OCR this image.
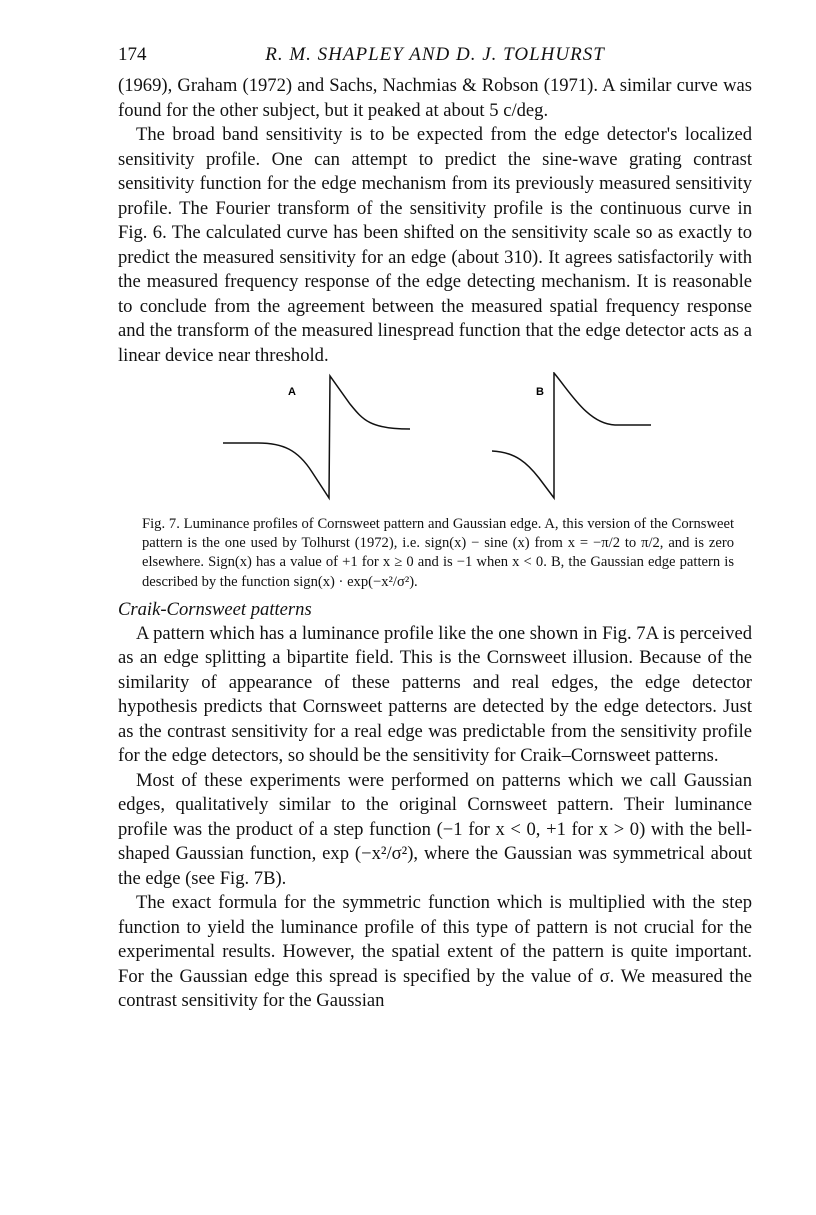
174	R. M. SHAPLEY AND D. J. TOLHURST

(1969), Graham (1972) and Sachs, Nachmias & Robson (1971). A similar curve was found for the other subject, but it peaked at about 5 c/deg.

The broad band sensitivity is to be expected from the edge detector's localized sensitivity profile. One can attempt to predict the sine-wave grating contrast sensitivity function for the edge mechanism from its previously measured sensitivity profile. The Fourier transform of the sensitivity profile is the continuous curve in Fig. 6. The calculated curve has been shifted on the sensitivity scale so as exactly to predict the measured sensitivity for an edge (about 310). It agrees satisfactorily with the measured frequency response of the edge detecting mechanism. It is reasonable to conclude from the agreement between the measured spatial frequency response and the transform of the measured linespread function that the edge detector acts as a linear device near threshold.

A	B
Fig. 7. Luminance profiles of Cornsweet pattern and Gaussian edge. A, this version of the Cornsweet pattern is the one used by Tolhurst (1972), i.e. sign(x) − sine (x) from x = −π/2 to π/2, and is zero elsewhere. Sign(x) has a value of +1 for x ≥ 0 and is −1 when x < 0. B, the Gaussian edge pattern is described by the function sign(x) · exp(−x²/σ²).
Craik-Cornsweet patterns

A pattern which has a luminance profile like the one shown in Fig. 7A is perceived as an edge splitting a bipartite field. This is the Cornsweet illusion. Because of the similarity of appearance of these patterns and real edges, the edge detector hypothesis predicts that Cornsweet patterns are detected by the edge detectors. Just as the contrast sensitivity for a real edge was predictable from the sensitivity profile for the edge detectors, so should be the sensitivity for Craik–Cornsweet patterns.

Most of these experiments were performed on patterns which we call Gaussian edges, qualitatively similar to the original Cornsweet pattern. Their luminance profile was the product of a step function (−1 for x < 0, +1 for x > 0) with the bell-shaped Gaussian function, exp (−x²/σ²), where the Gaussian was symmetrical about the edge (see Fig. 7B).

The exact formula for the symmetric function which is multiplied with the step function to yield the luminance profile of this type of pattern is not crucial for the experimental results. However, the spatial extent of the pattern is quite important. For the Gaussian edge this spread is specified by the value of σ. We measured the contrast sensitivity for the Gaussian
